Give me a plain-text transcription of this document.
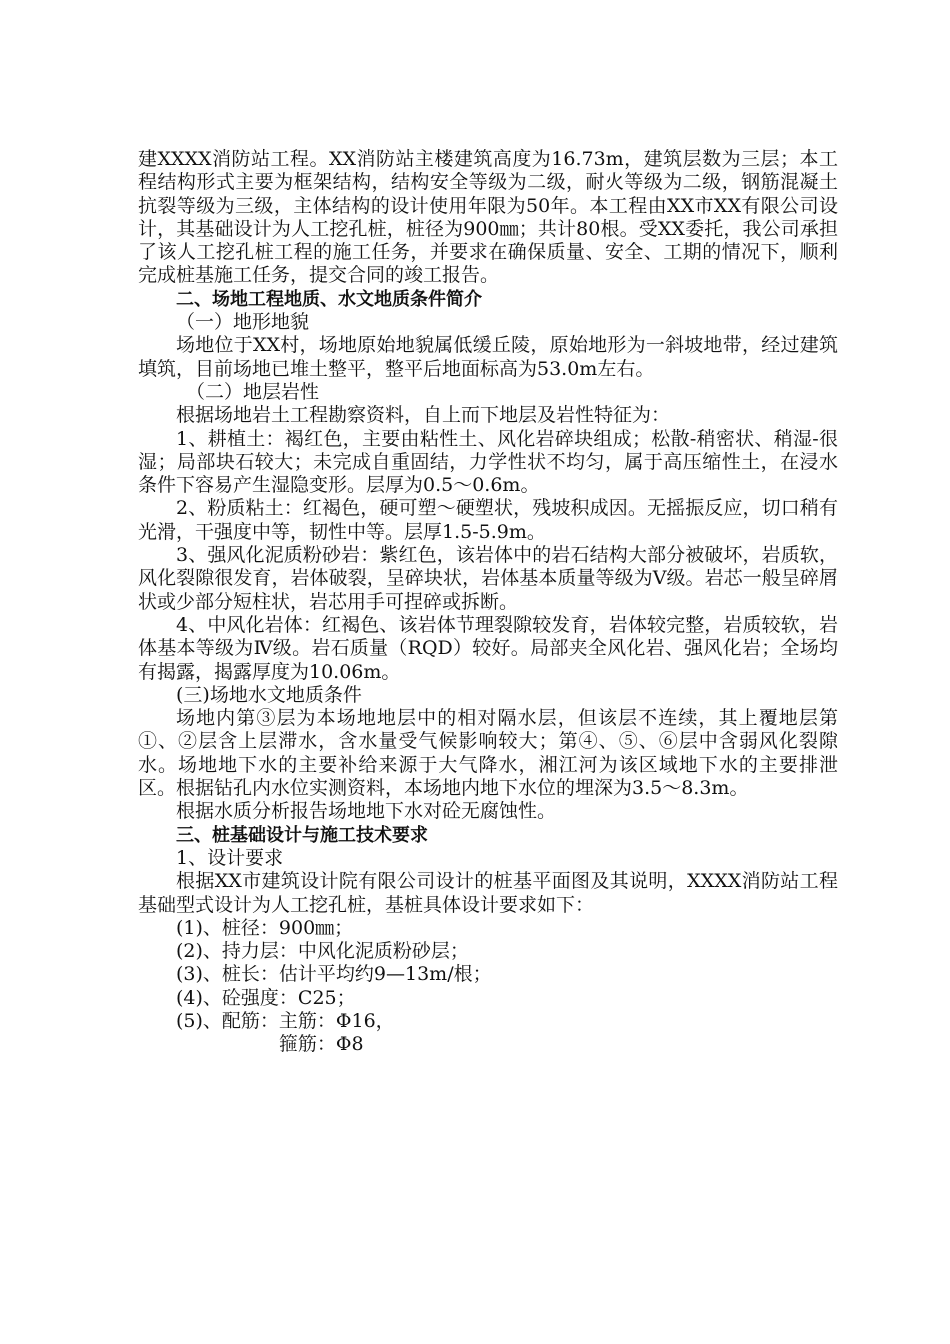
建XXXX消防站工程。XX消防站主楼建筑高度为16.73m，建筑层数为三层；本工程结构形式主要为框架结构，结构安全等级为二级，耐火等级为二级，钢筋混凝土抗裂等级为三级，主体结构的设计使用年限为50年。本工程由XX市XX有限公司设计，其基础设计为人工挖孔桩，桩径为900㎜；共计80根。受XX委托，我公司承担了该人工挖孔桩工程的施工任务，并要求在确保质量、安全、工期的情况下，顺利完成桩基施工任务，提交合同的竣工报告。

二、场地工程地质、水文地质条件简介

（一）地形地貌

场地位于XX村，场地原始地貌属低缓丘陵，原始地形为一斜坡地带，经过建筑填筑，目前场地已堆土整平，整平后地面标高为53.0m左右。

（二）地层岩性

根据场地岩土工程勘察资料，自上而下地层及岩性特征为：

1、耕植土：褐红色，主要由粘性土、风化岩碎块组成；松散-稍密状、稍湿-很湿；局部块石较大；未完成自重固结，力学性状不均匀，属于高压缩性土，在浸水条件下容易产生湿隐变形。层厚为0.5～0.6m。

2、粉质粘土：红褐色，硬可塑～硬塑状，残坡积成因。无摇振反应，切口稍有光滑，干强度中等，韧性中等。层厚1.5-5.9m。

3、强风化泥质粉砂岩：紫红色，该岩体中的岩石结构大部分被破坏，岩质软，风化裂隙很发育，岩体破裂，呈碎块状，岩体基本质量等级为Ⅴ级。岩芯一般呈碎屑状或少部分短柱状，岩芯用手可捏碎或拆断。

4、中风化岩体：红褐色、该岩体节理裂隙较发育，岩体较完整，岩质较软，岩体基本等级为Ⅳ级。岩石质量（RQD）较好。局部夹全风化岩、强风化岩；全场均有揭露，揭露厚度为10.06m。

(三)场地水文地质条件

场地内第③层为本场地地层中的相对隔水层，但该层不连续，其上覆地层第①、②层含上层滞水，含水量受气候影响较大；第④、⑤、⑥层中含弱风化裂隙水。场地地下水的主要补给来源于大气降水，湘江河为该区域地下水的主要排泄区。根据钻孔内水位实测资料，本场地内地下水位的埋深为3.5～8.3m。

根据水质分析报告场地地下水对砼无腐蚀性。

三、桩基础设计与施工技术要求

1、设计要求

根据XX市建筑设计院有限公司设计的桩基平面图及其说明，XXXX消防站工程基础型式设计为人工挖孔桩，基桩具体设计要求如下：

(1)、桩径：900㎜；

(2)、持力层：中风化泥质粉砂层；

(3)、桩长：估计平均约9—13m/根；

(4)、砼强度：C25；

(5)、配筋： 主筋：Φ16，
箍筋：Φ8
